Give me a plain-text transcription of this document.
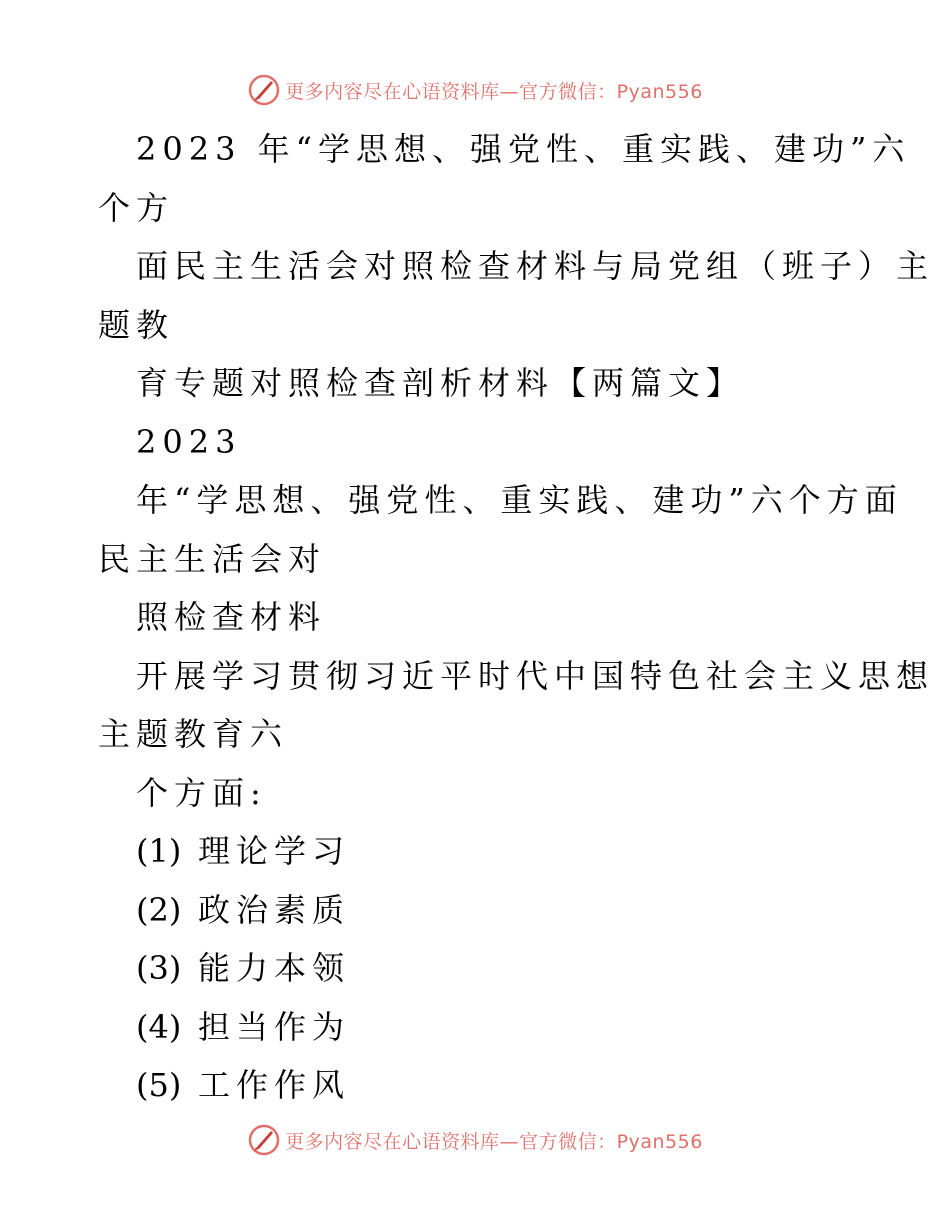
更多内容尽在心语资料库—官方微信：Pyan556
2023 年“学思想、强党性、重实践、建功”六
个方
面民主生活会对照检查材料与局党组（班子）主
题教
育专题对照检查剖析材料【两篇文】
2023
年“学思想、强党性、重实践、建功”六个方面
民主生活会对
照检查材料
开展学习贯彻习近平时代中国特色社会主义思想
主题教育六
个方面:
(1) 理论学习
(2) 政治素质
(3) 能力本领
(4) 担当作为
(5) 工作作风
更多内容尽在心语资料库—官方微信：Pyan556
